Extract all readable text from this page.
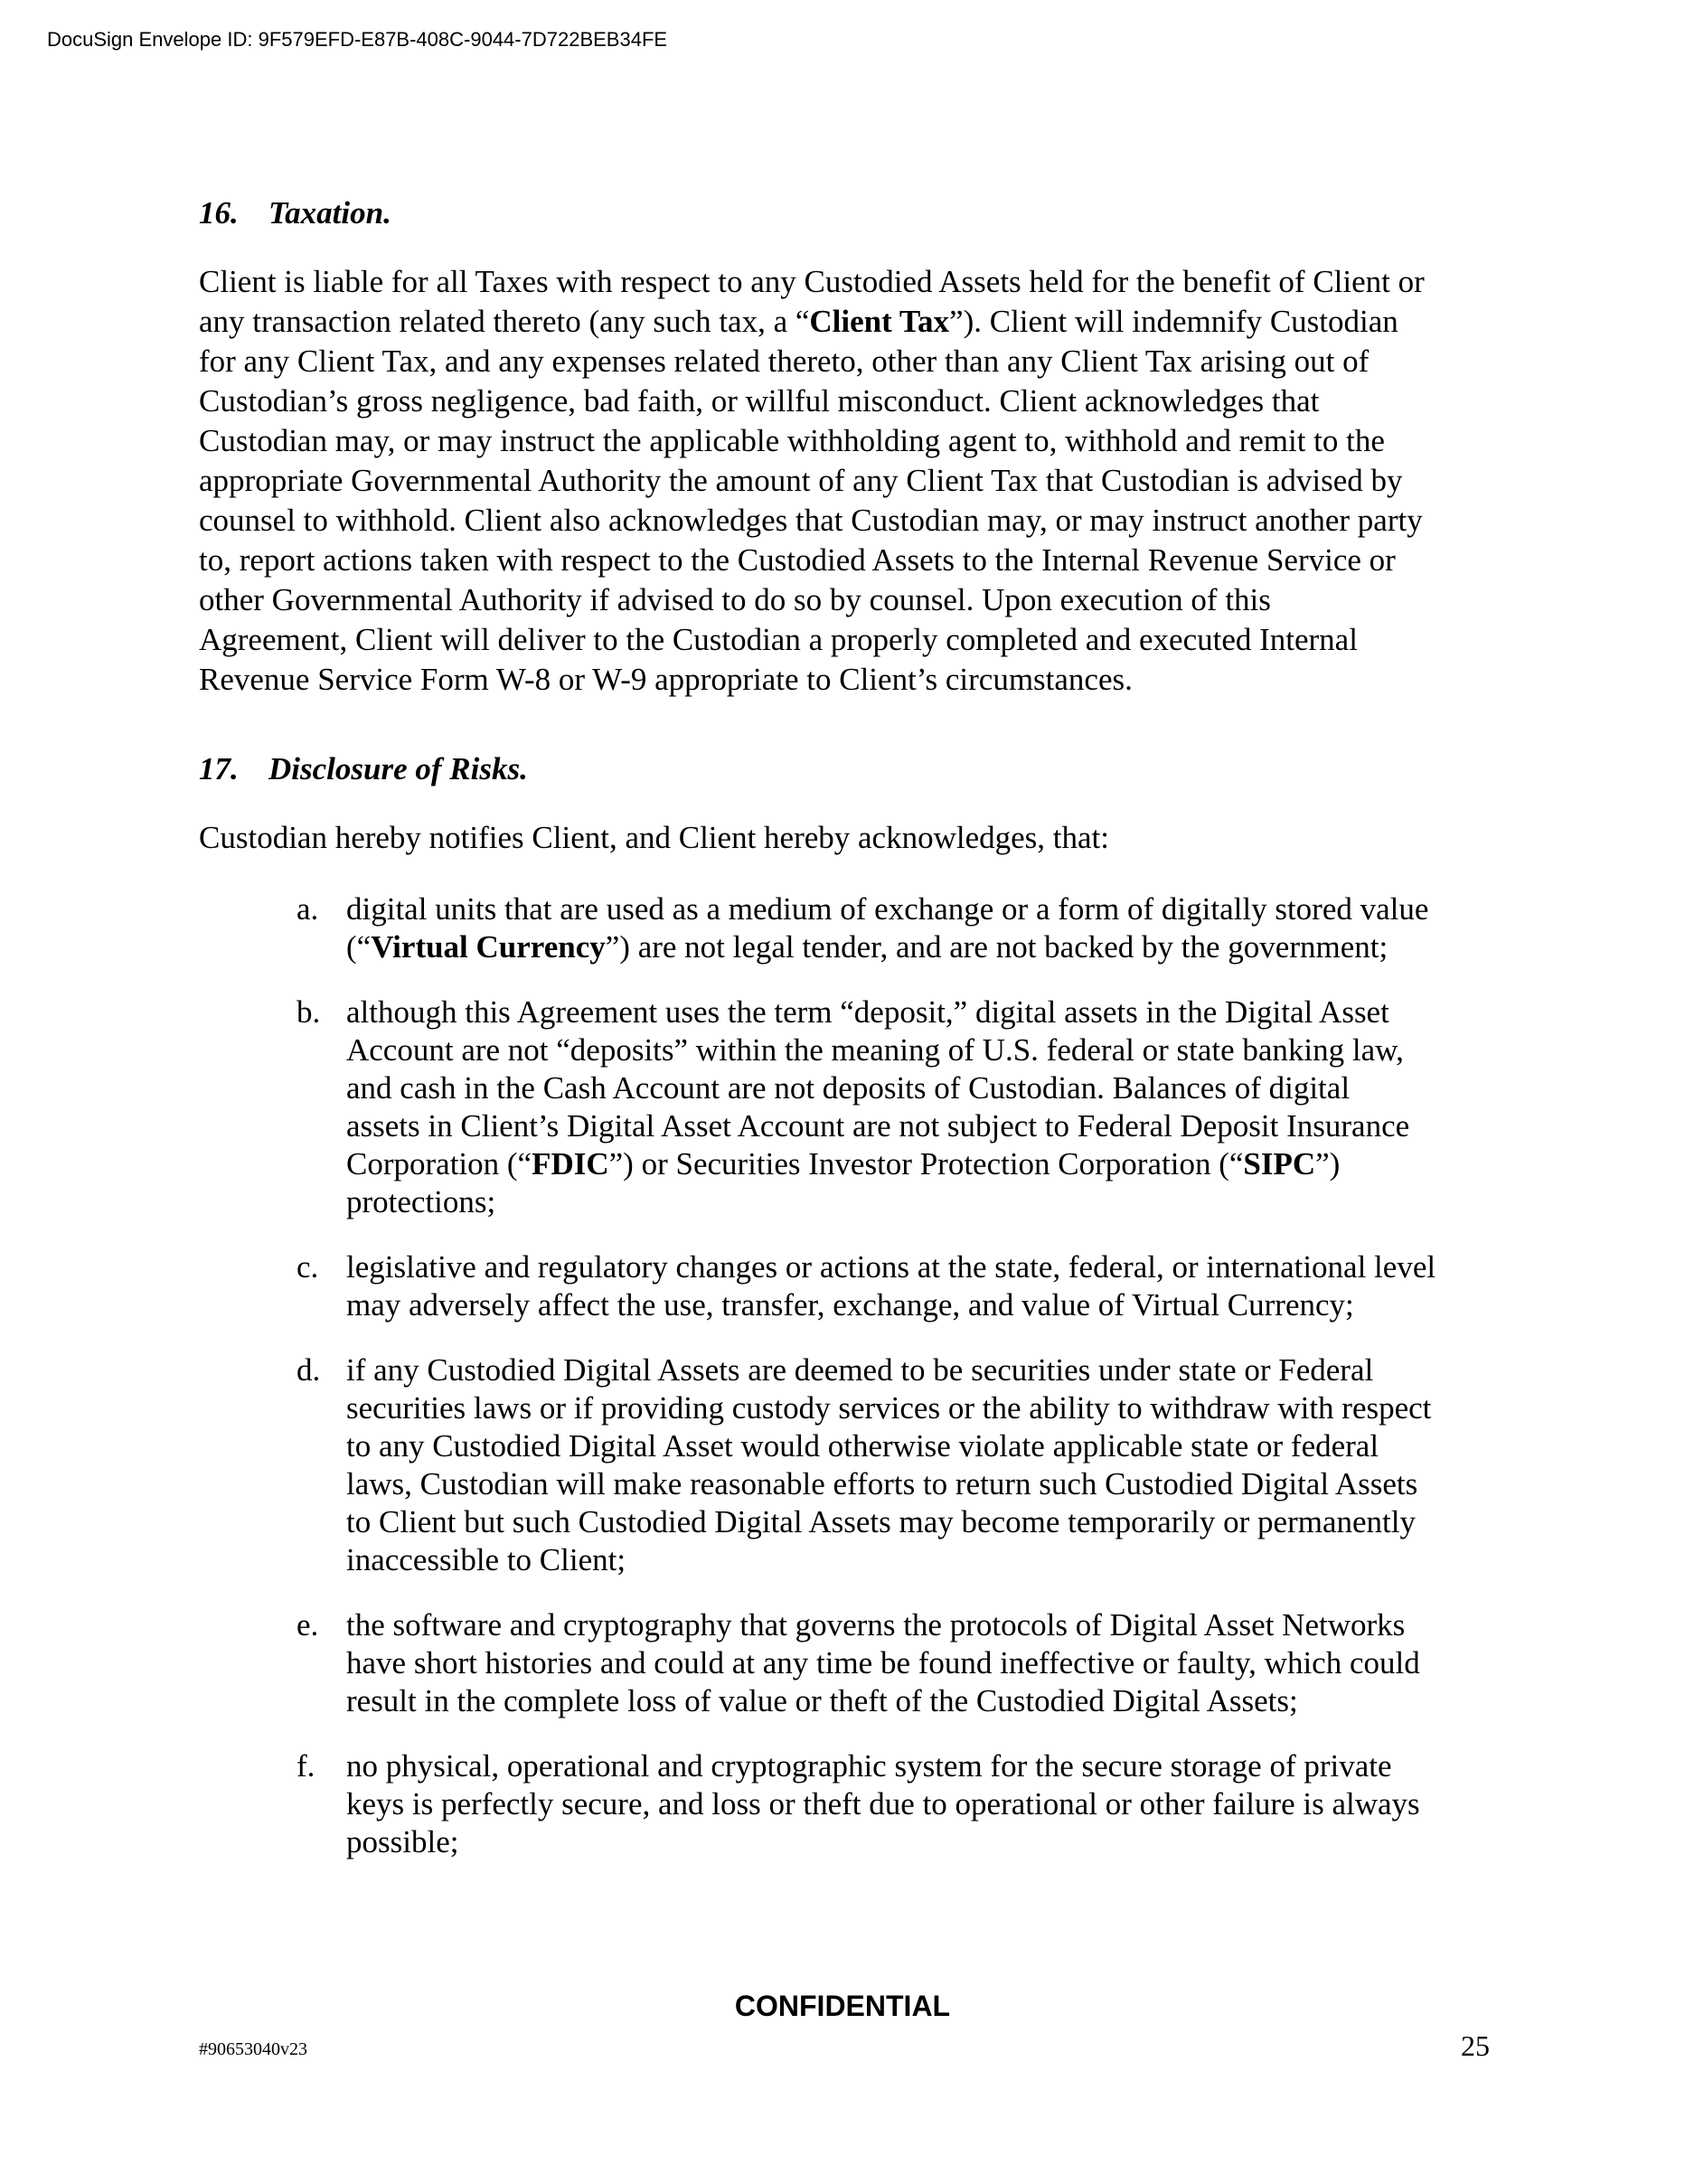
DocuSign Envelope ID: 9F579EFD-E87B-408C-9044-7D722BEB34FE
16. Taxation.

Client is liable for all Taxes with respect to any Custodied Assets held for the benefit of Client or
any transaction related thereto (any such tax, a “Client Tax”). Client will indemnify Custodian
for any Client Tax, and any expenses related thereto, other than any Client Tax arising out of
Custodian’s gross negligence, bad faith, or willful misconduct. Client acknowledges that
Custodian may, or may instruct the applicable withholding agent to, withhold and remit to the
appropriate Governmental Authority the amount of any Client Tax that Custodian is advised by
counsel to withhold. Client also acknowledges that Custodian may, or may instruct another party
to, report actions taken with respect to the Custodied Assets to the Internal Revenue Service or
other Governmental Authority if advised to do so by counsel. Upon execution of this
Agreement, Client will deliver to the Custodian a properly completed and executed Internal
Revenue Service Form W-8 or W-9 appropriate to Client’s circumstances.

17. Disclosure of Risks.

Custodian hereby notifies Client, and Client hereby acknowledges, that:

a. digital units that are used as a medium of exchange or a form of digitally stored value
(“Virtual Currency”) are not legal tender, and are not backed by the government;
b. although this Agreement uses the term “deposit,” digital assets in the Digital Asset
Account are not “deposits” within the meaning of U.S. federal or state banking law,
and cash in the Cash Account are not deposits of Custodian. Balances of digital
assets in Client’s Digital Asset Account are not subject to Federal Deposit Insurance
Corporation (“FDIC”) or Securities Investor Protection Corporation (“SIPC”)
protections;
c. legislative and regulatory changes or actions at the state, federal, or international level
may adversely affect the use, transfer, exchange, and value of Virtual Currency;
d. if any Custodied Digital Assets are deemed to be securities under state or Federal
securities laws or if providing custody services or the ability to withdraw with respect
to any Custodied Digital Asset would otherwise violate applicable state or federal
laws, Custodian will make reasonable efforts to return such Custodied Digital Assets
to Client but such Custodied Digital Assets may become temporarily or permanently
inaccessible to Client;
e. the software and cryptography that governs the protocols of Digital Asset Networks
have short histories and could at any time be found ineffective or faulty, which could
result in the complete loss of value or theft of the Custodied Digital Assets;
f. no physical, operational and cryptographic system for the secure storage of private
keys is perfectly secure, and loss or theft due to operational or other failure is always
possible;
CONFIDENTIAL
#90653040v23	25
